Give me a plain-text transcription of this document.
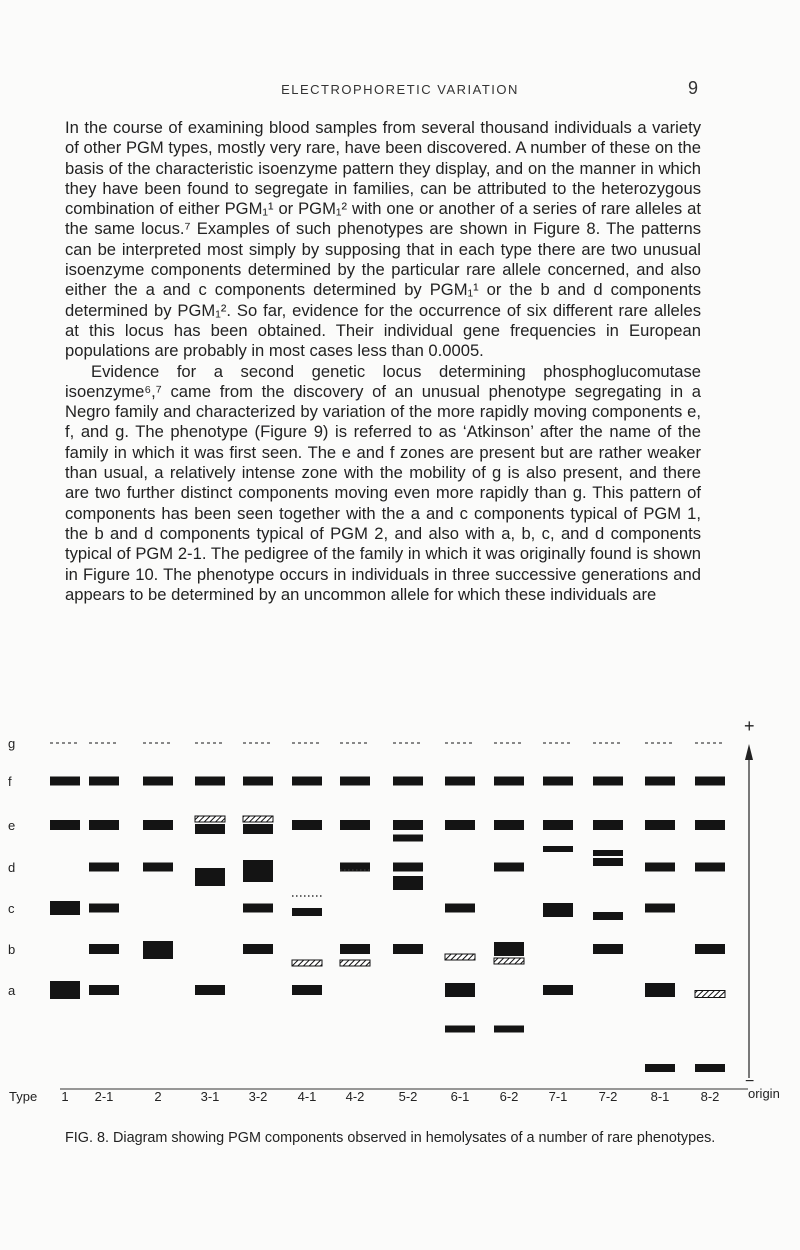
ELECTROPHORETIC VARIATION	9

In the course of examining blood samples from several thousand individuals a variety of other PGM types, mostly very rare, have been discovered. A number of these on the basis of the characteristic isoenzyme pattern they display, and on the manner in which they have been found to segregate in families, can be attributed to the heterozygous combination of either PGM₁¹ or PGM₁² with one or another of a series of rare alleles at the same locus.⁷ Examples of such phenotypes are shown in Figure 8. The patterns can be interpreted most simply by supposing that in each type there are two unusual isoenzyme components determined by the particular rare allele concerned, and also either the a and c components determined by PGM₁¹ or the b and d components determined by PGM₁². So far, evidence for the occurrence of six different rare alleles at this locus has been obtained. Their individual gene frequencies in European populations are probably in most cases less than 0.0005.

Evidence for a second genetic locus determining phosphoglucomutase isoenzyme⁶,⁷ came from the discovery of an unusual phenotype segregating in a Negro family and characterized by variation of the more rapidly moving components e, f, and g. The phenotype (Figure 9) is referred to as ‘Atkinson’ after the name of the family in which it was first seen. The e and f zones are present but are rather weaker than usual, a relatively intense zone with the mobility of g is also present, and there are two further distinct components moving even more rapidly than g. This pattern of components has been seen together with the a and c components typical of PGM 1, the b and d components typical of PGM 2, and also with a, b, c, and d components typical of PGM 2-1. The pedigree of the family in which it was originally found is shown in Figure 10. The phenotype occurs in individuals in three successive generations and appears to be determined by an uncommon allele for which these individuals are

g
f
e
d
c
b
a
1 2-1	2	3-1 3-2 4-1 4-2	5-2	6-1 6-2 7-1 7-2	8-1 8-2
+
−
origin
Type
FIG. 8. Diagram showing PGM components observed in hemolysates of a number of rare phenotypes.
